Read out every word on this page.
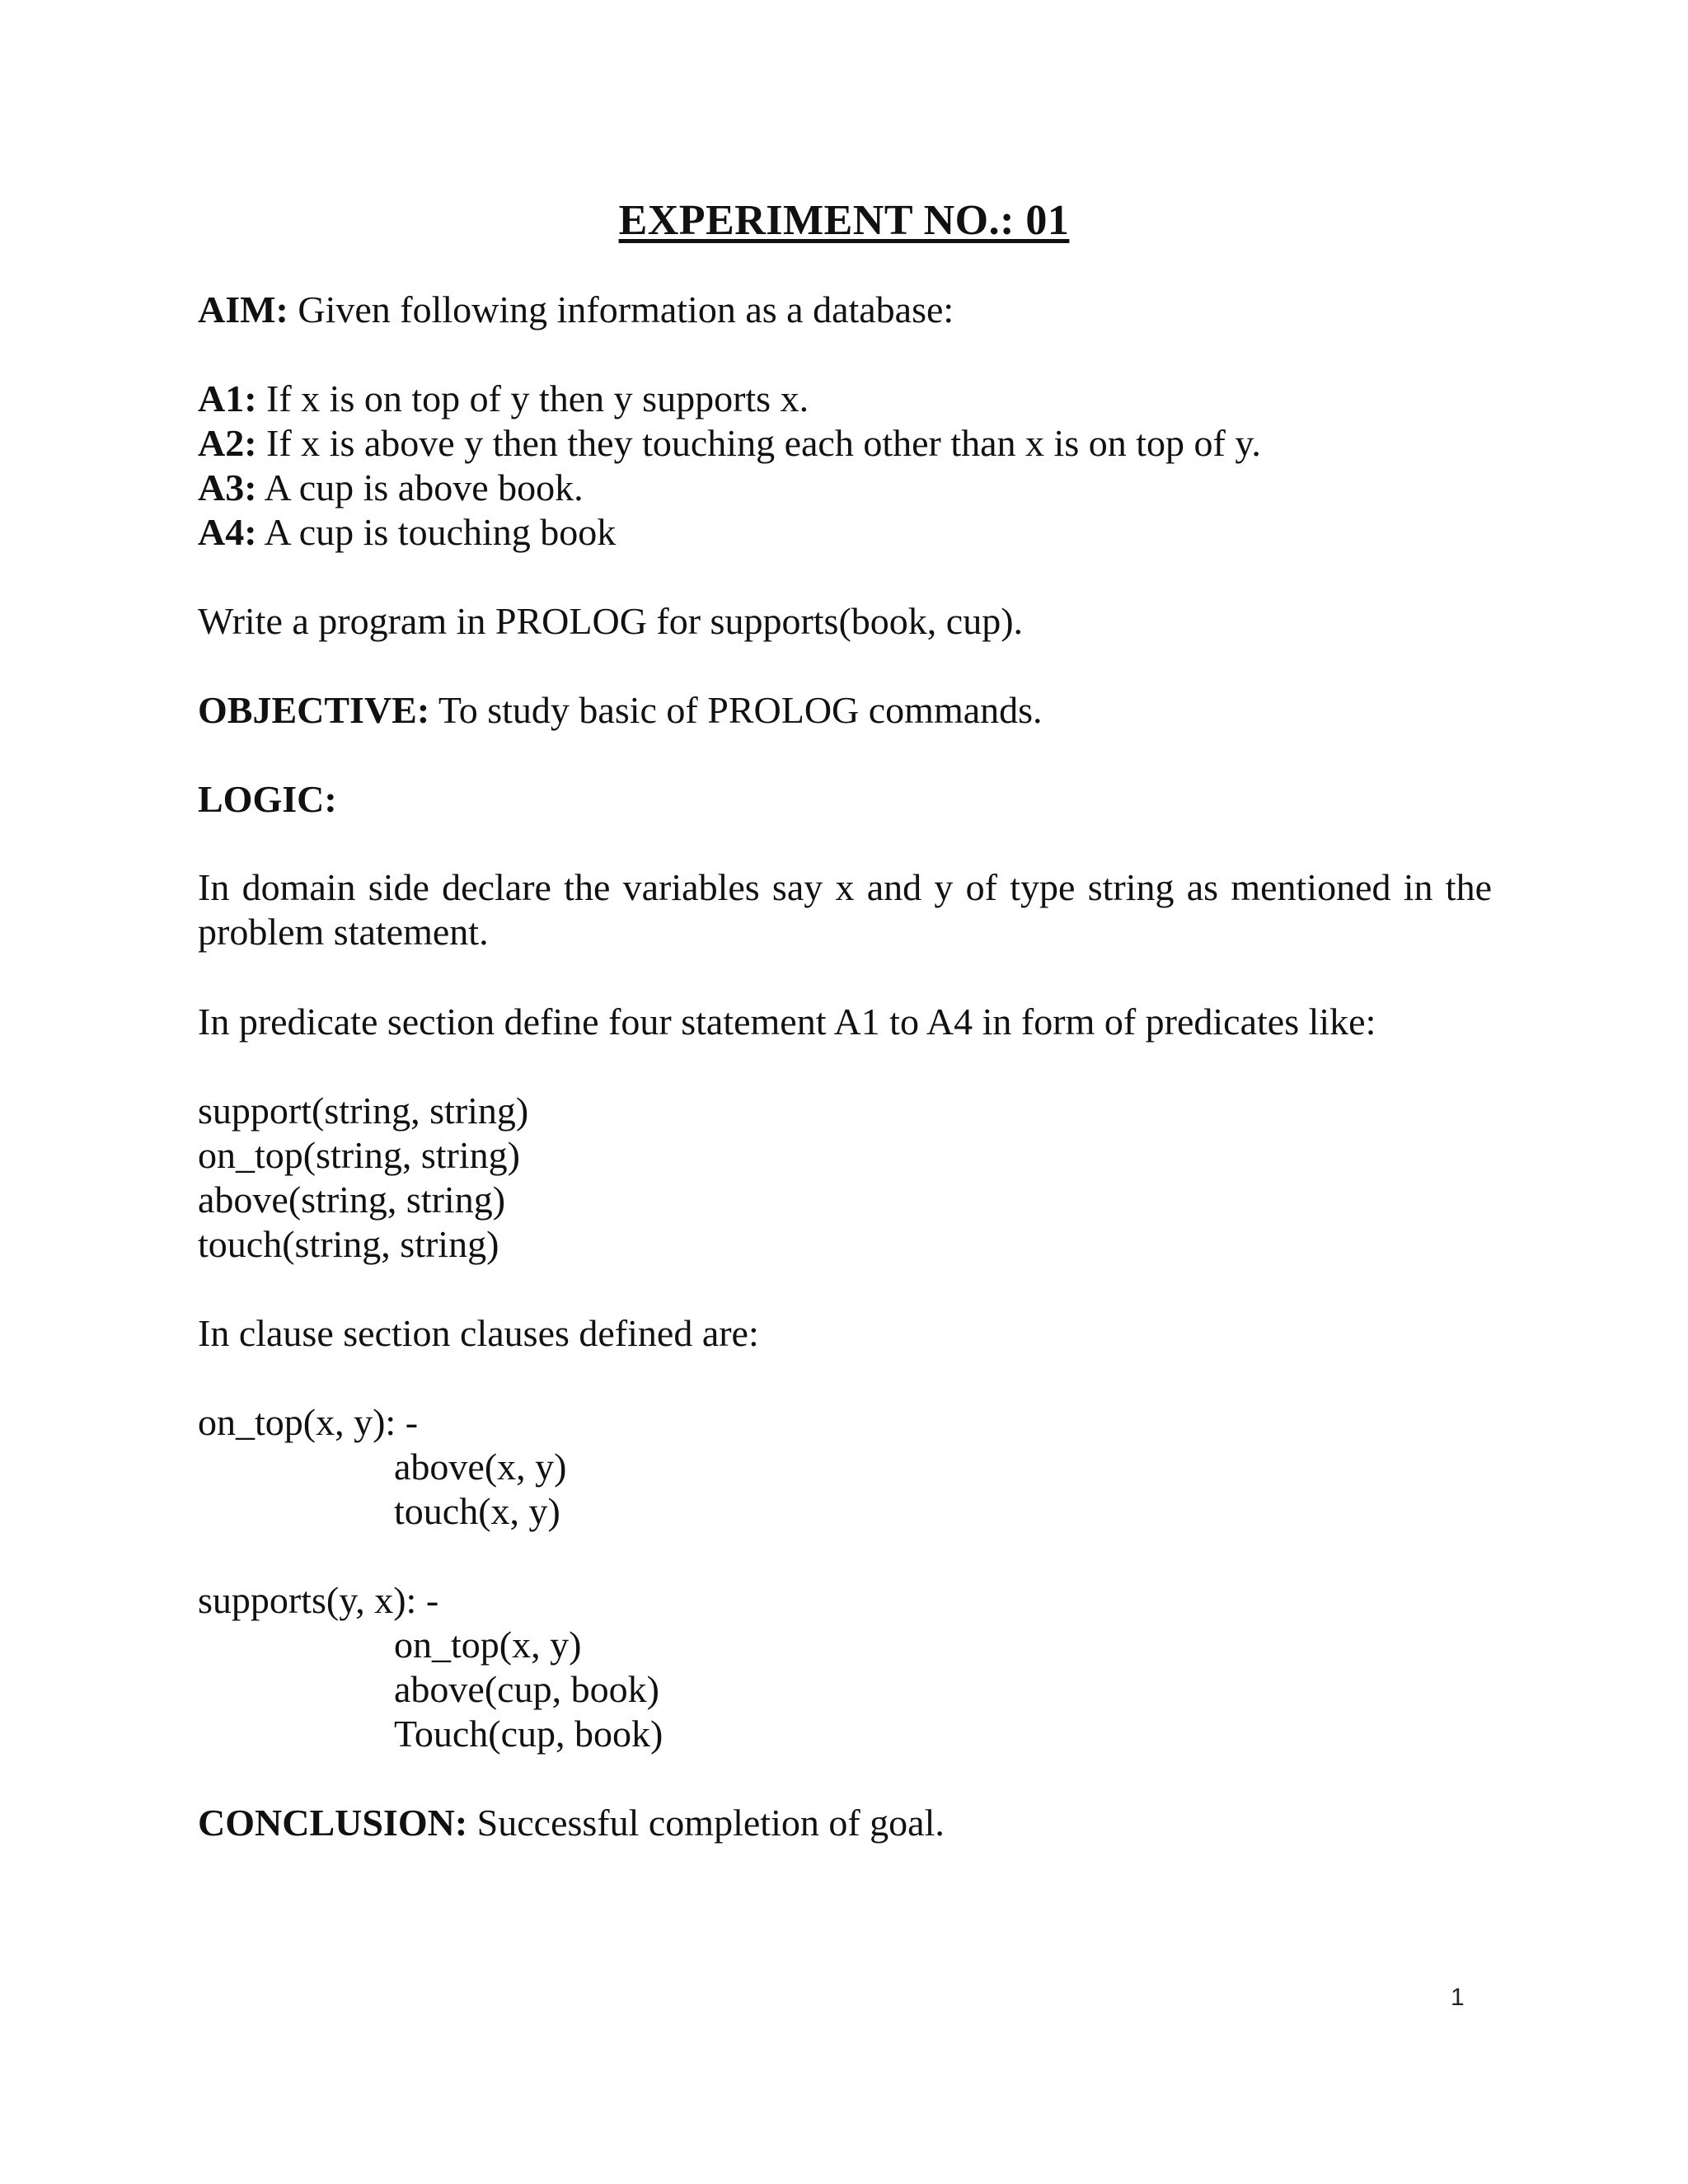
EXPERIMENT NO.: 01
AIM: Given following information as a database:
A1: If x is on top of y then y supports x.
A2: If x is above y then they touching each other than x is on top of y.
A3: A cup is above book.
A4: A cup is touching book
Write a program in PROLOG for supports(book, cup).
OBJECTIVE: To study basic of PROLOG commands.
LOGIC:
In domain side declare the variables say x and y of type string as mentioned in the problem statement.
In predicate section define four statement A1 to A4 in form of predicates like:
support(string, string)
on_top(string, string)
above(string, string)
touch(string, string)
In clause section clauses defined are:
on_top(x, y): -
above(x, y)
touch(x, y)
supports(y, x): -
on_top(x, y)
above(cup, book)
Touch(cup, book)
CONCLUSION: Successful completion of goal.
1
